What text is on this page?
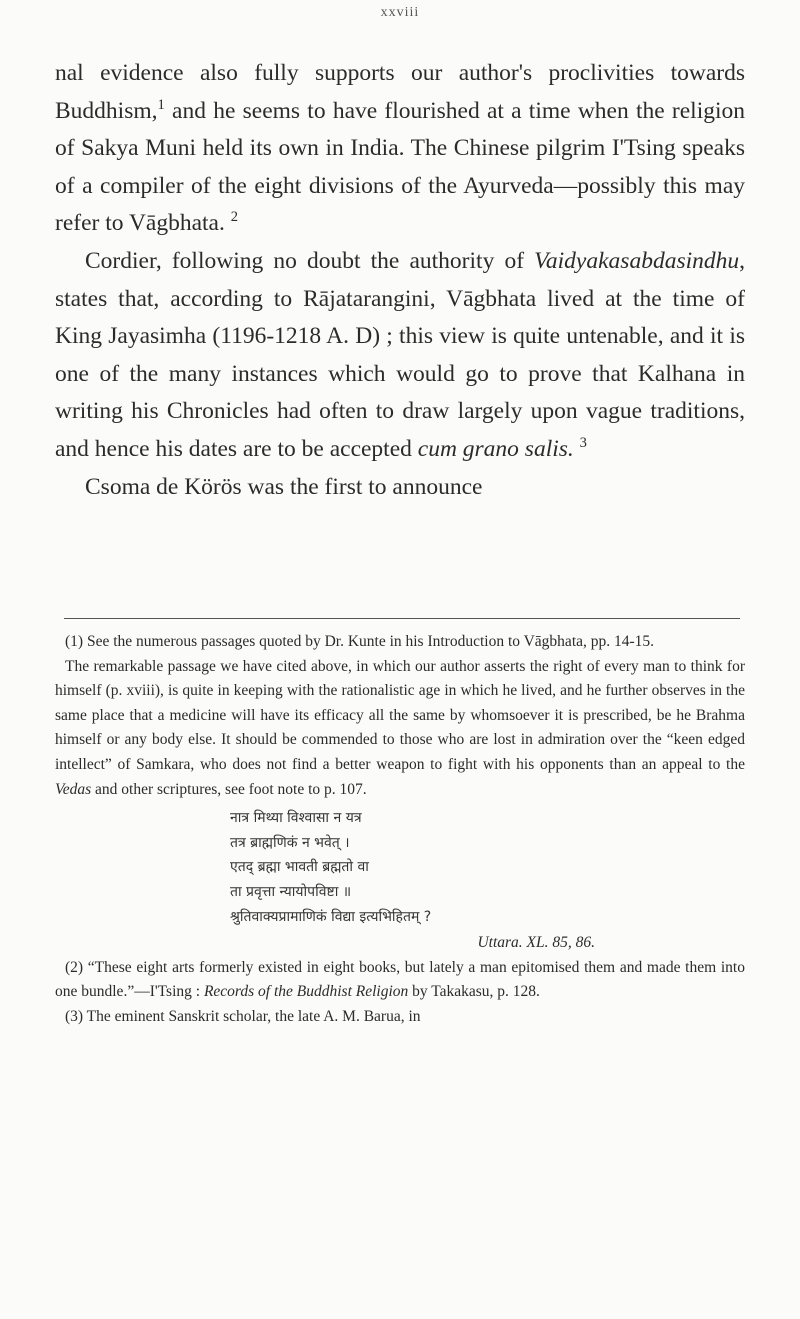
xxviii

nal evidence also fully supports our author's proclivities towards Buddhism,$^1$ and he seems to have flourished at a time when the religion of Sakya Muni held its own in India. The Chinese pilgrim I'Tsing speaks of a compiler of the eight divisions of the Ayurveda—possibly this may refer to Vāgbhata. $^2$

Cordier, following no doubt the authority of Vaidyakasabdasindhu, states that, according to Rājatarangini, Vāgbhata lived at the time of King Jayasimha (1196-1218 A. D) ; this view is quite untenable, and it is one of the many instances which would go to prove that Kalhana in writing his Chronicles had often to draw largely upon vague traditions, and hence his dates are to be accepted cum grano salis. $^3$

Csoma de Körös was the first to announce

(1) See the numerous passages quoted by Dr. Kunte in his Introduction to Vāgbhata, pp. 14-15.

The remarkable passage we have cited above, in which our author asserts the right of every man to think for himself (p. xviii), is quite in keeping with the rationalistic age in which he lived, and he further observes in the same place that a medicine will have its efficacy all the same by whomsoever it is prescribed, be he Brahma himself or any body else. It should be commended to those who are lost in admiration over the “keen edged intellect” of Samkara, who does not find a better weapon to fight with his opponents than an appeal to the Vedas and other scriptures, see foot note to p. 107.

नात्र मिथ्या विश्वासा न यत्र
तत्र ब्राह्मणिकं न भवेत् ।
एतद् ब्रह्मा भावती ब्रह्मतो वा
ता प्रवृत्ता न्यायोपविष्टा ॥
श्रुतिवाक्यप्रामाणिकं विद्या इत्यभिहितम् ?
Uttara. XL. 85, 86.

(2) “These eight arts formerly existed in eight books, but lately a man epitomised them and made them into one bundle.”—I'Tsing : Records of the Buddhist Religion by Takakasu, p. 128.

(3) The eminent Sanskrit scholar, the late A. M. Barua, in
